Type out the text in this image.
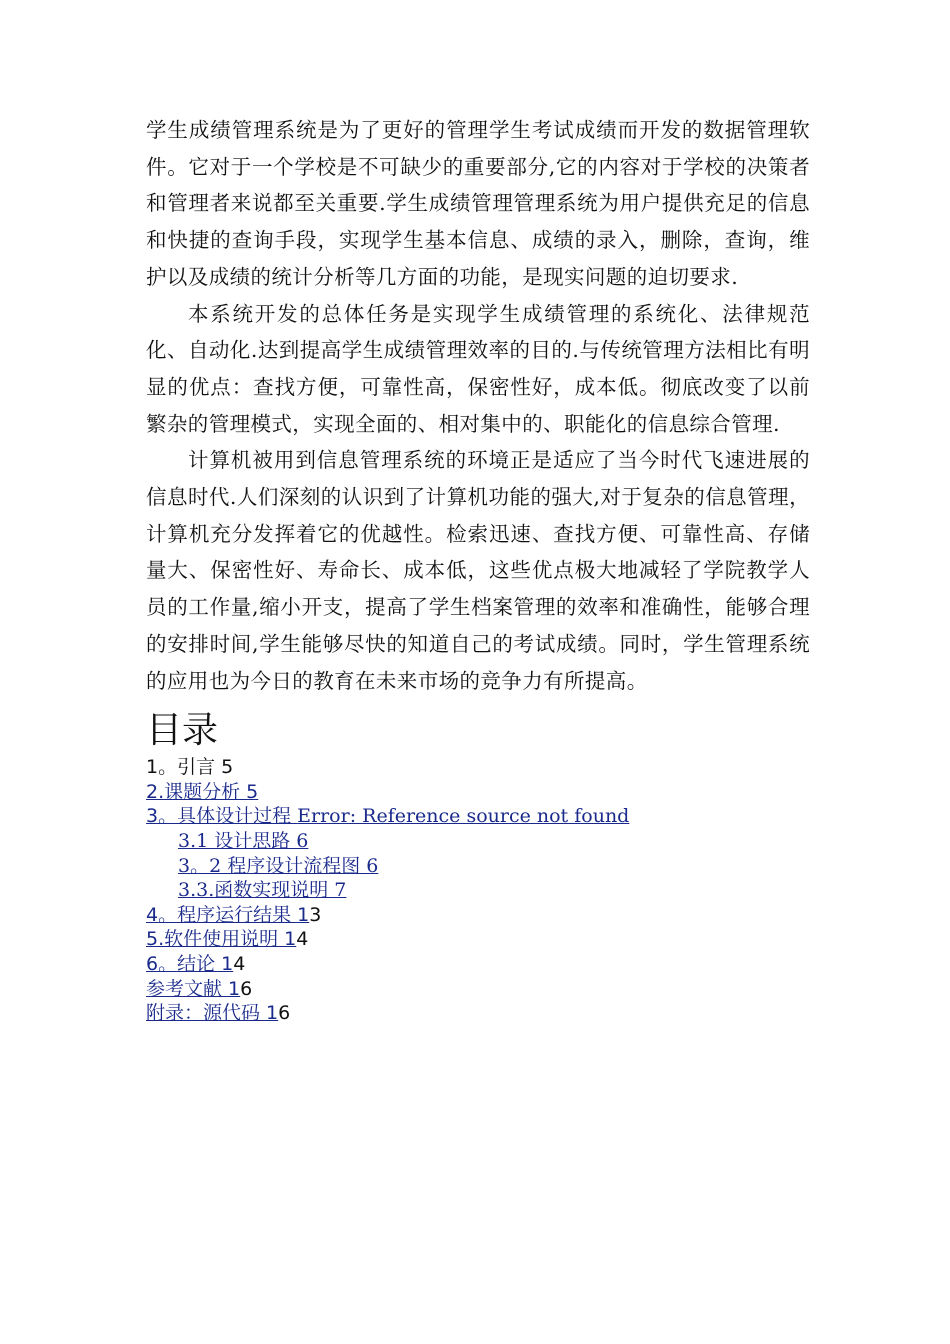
学生成绩管理系统是为了更好的管理学生考试成绩而开发的数据管理软件。它对于一个学校是不可缺少的重要部分,它的内容对于学校的决策者和管理者来说都至关重要.学生成绩管理管理系统为用户提供充足的信息和快捷的查询手段，实现学生基本信息、成绩的录入，删除，查询，维护以及成绩的统计分析等几方面的功能，是现实问题的迫切要求.

本系统开发的总体任务是实现学生成绩管理的系统化、法律规范化、自动化.达到提高学生成绩管理效率的目的.与传统管理方法相比有明显的优点：查找方便，可靠性高，保密性好，成本低。彻底改变了以前繁杂的管理模式，实现全面的、相对集中的、职能化的信息综合管理.

计算机被用到信息管理系统的环境正是适应了当今时代飞速进展的信息时代.人们深刻的认识到了计算机功能的强大,对于复杂的信息管理，计算机充分发挥着它的优越性。检索迅速、查找方便、可靠性高、存储量大、保密性好、寿命长、成本低，这些优点极大地减轻了学院教学人员的工作量,缩小开支，提高了学生档案管理的效率和准确性，能够合理的安排时间,学生能够尽快的知道自己的考试成绩。同时，学生管理系统的应用也为今日的教育在未来市场的竞争力有所提高。

目录
1。引言 5
2.课题分析 5
3。具体设计过程 Error: Reference source not found
3.1 设计思路 6
3。2 程序设计流程图 6
3.3.函数实现说明 7
4。程序运行结果 13
5.软件使用说明 14
6。结论 14
参考文献 16
附录：源代码 16
